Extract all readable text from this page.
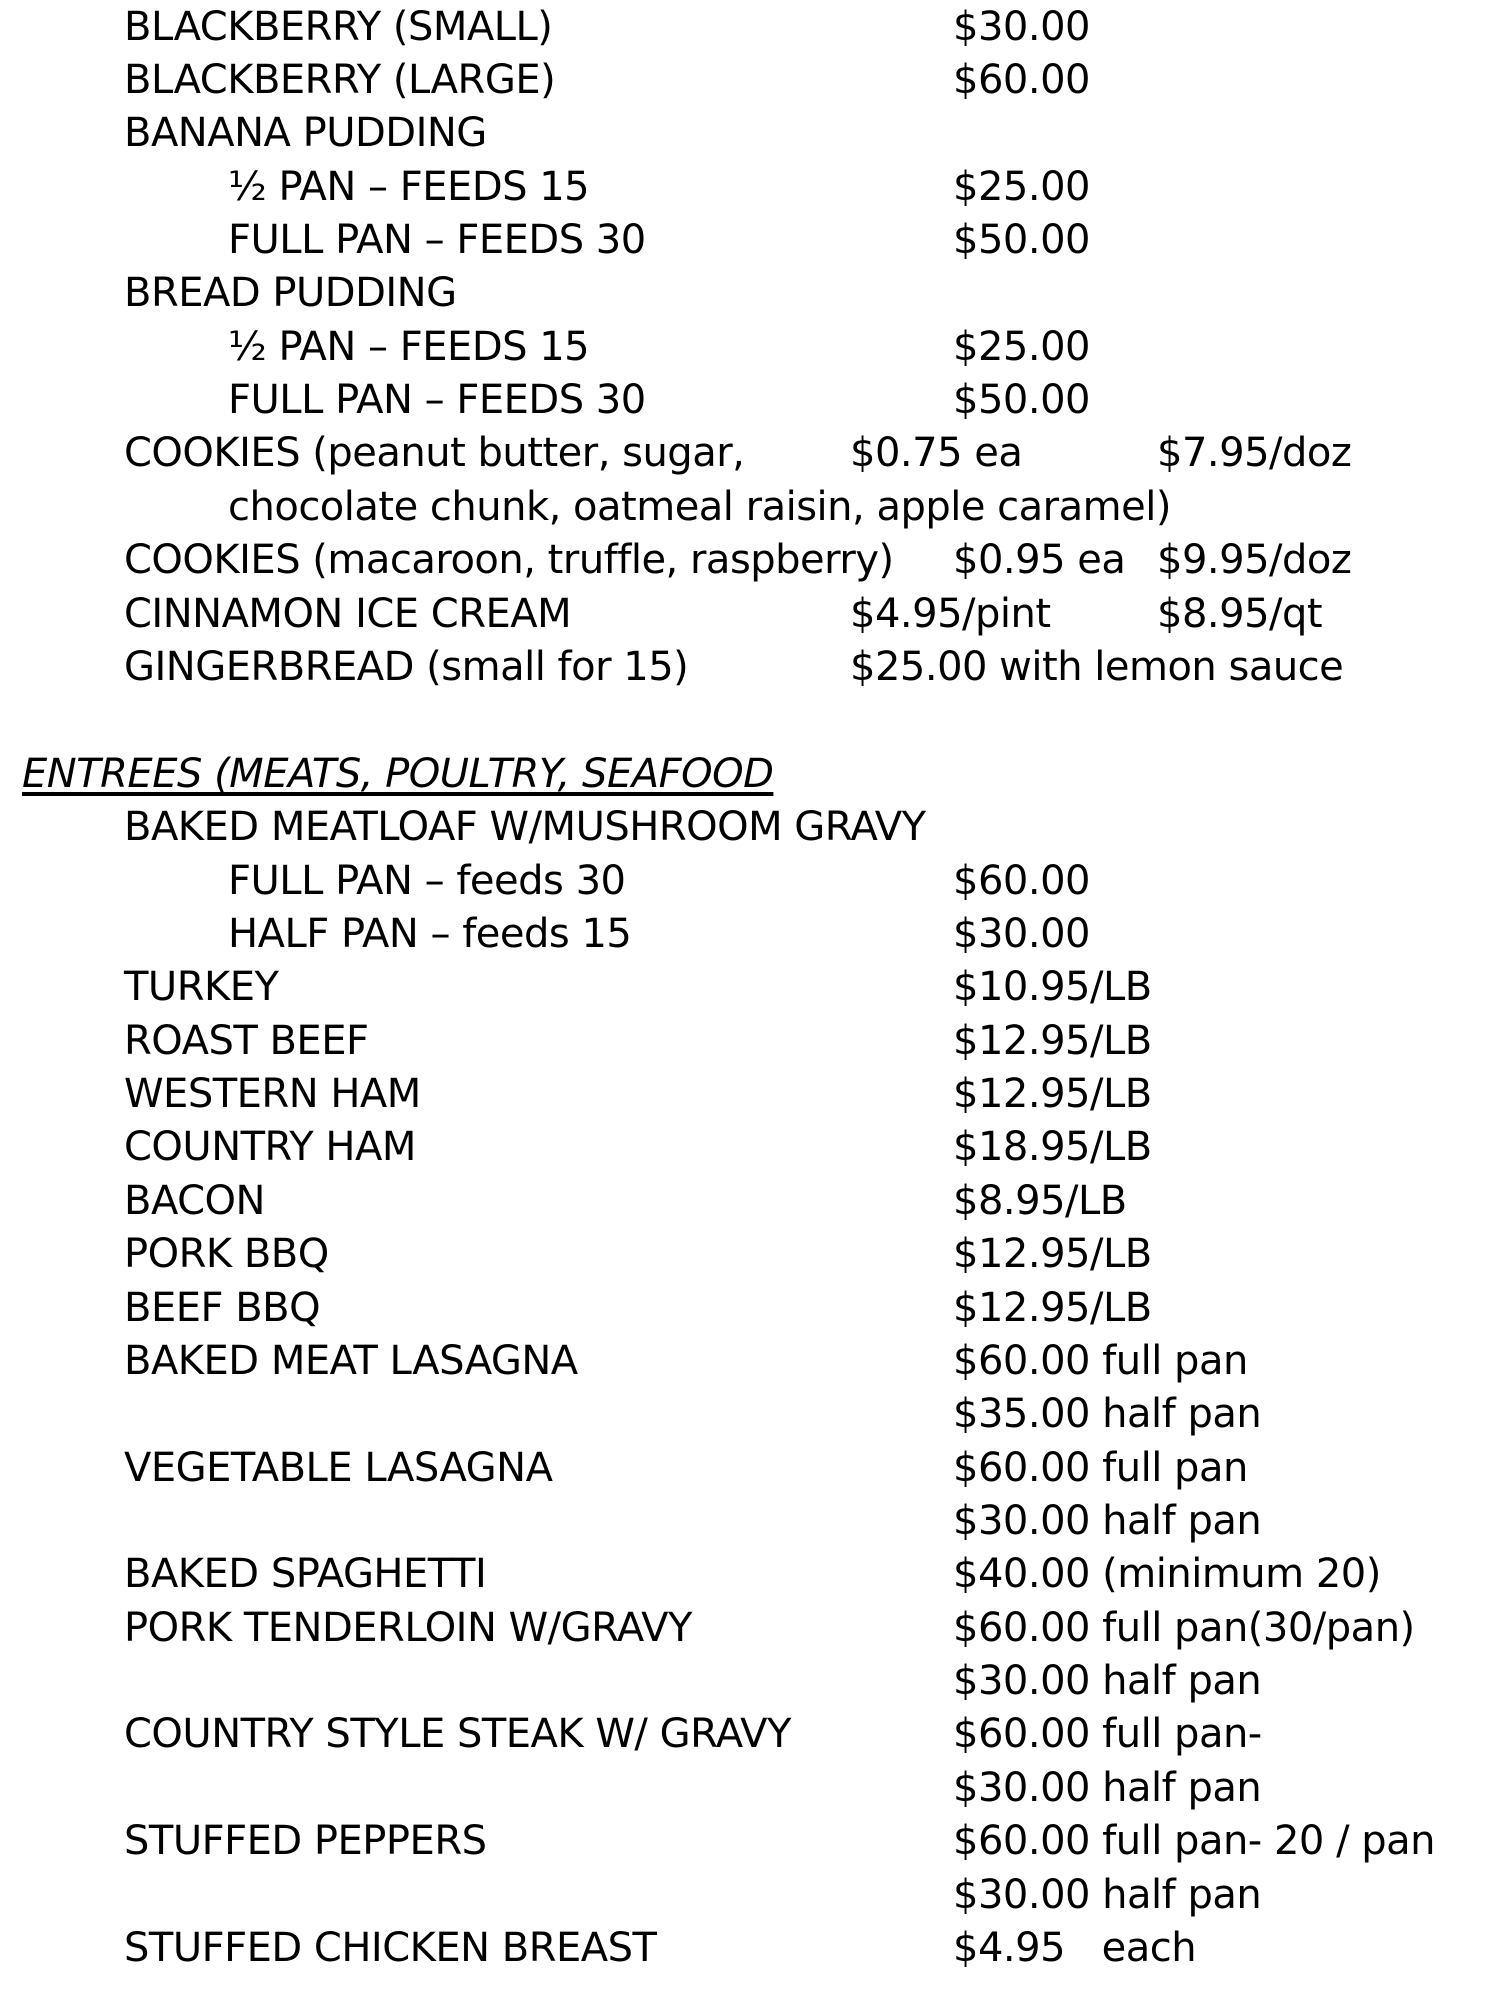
BLACKBERRY (SMALL)	$30.00
BLACKBERRY (LARGE)	$60.00
BANANA PUDDING
½ PAN – FEEDS 15	$25.00
FULL PAN – FEEDS 30	$50.00
BREAD PUDDING
½ PAN – FEEDS 15	$25.00
FULL PAN – FEEDS 30	$50.00
COOKIES (peanut butter, sugar,	$0.75 ea	$7.95/doz
chocolate chunk, oatmeal raisin, apple caramel)
COOKIES (macaroon, truffle, raspberry) $0.95 ea $9.95/doz
CINNAMON ICE CREAM	$4.95/pint	$8.95/qt
GINGERBREAD (small for 15)	$25.00 with lemon sauce
ENTREES (MEATS, POULTRY, SEAFOOD
BAKED MEATLOAF W/MUSHROOM GRAVY
FULL PAN – feeds 30	$60.00
HALF PAN – feeds 15	$30.00
TURKEY	$10.95/LB
ROAST BEEF	$12.95/LB
WESTERN HAM	$12.95/LB
COUNTRY HAM	$18.95/LB
BACON	$8.95/LB
PORK BBQ	$12.95/LB
BEEF BBQ	$12.95/LB
BAKED MEAT LASAGNA	$60.00 full pan
$35.00 half pan
VEGETABLE LASAGNA	$60.00 full pan
$30.00 half pan
BAKED SPAGHETTI	$40.00 (minimum 20)
PORK TENDERLOIN W/GRAVY	$60.00 full pan(30/pan)
$30.00 half pan
COUNTRY STYLE STEAK W/ GRAVY	$60.00 full pan-
$30.00 half pan
STUFFED PEPPERS	$60.00 full pan- 20 / pan
$30.00 half pan
STUFFED CHICKEN BREAST	$4.95   each
